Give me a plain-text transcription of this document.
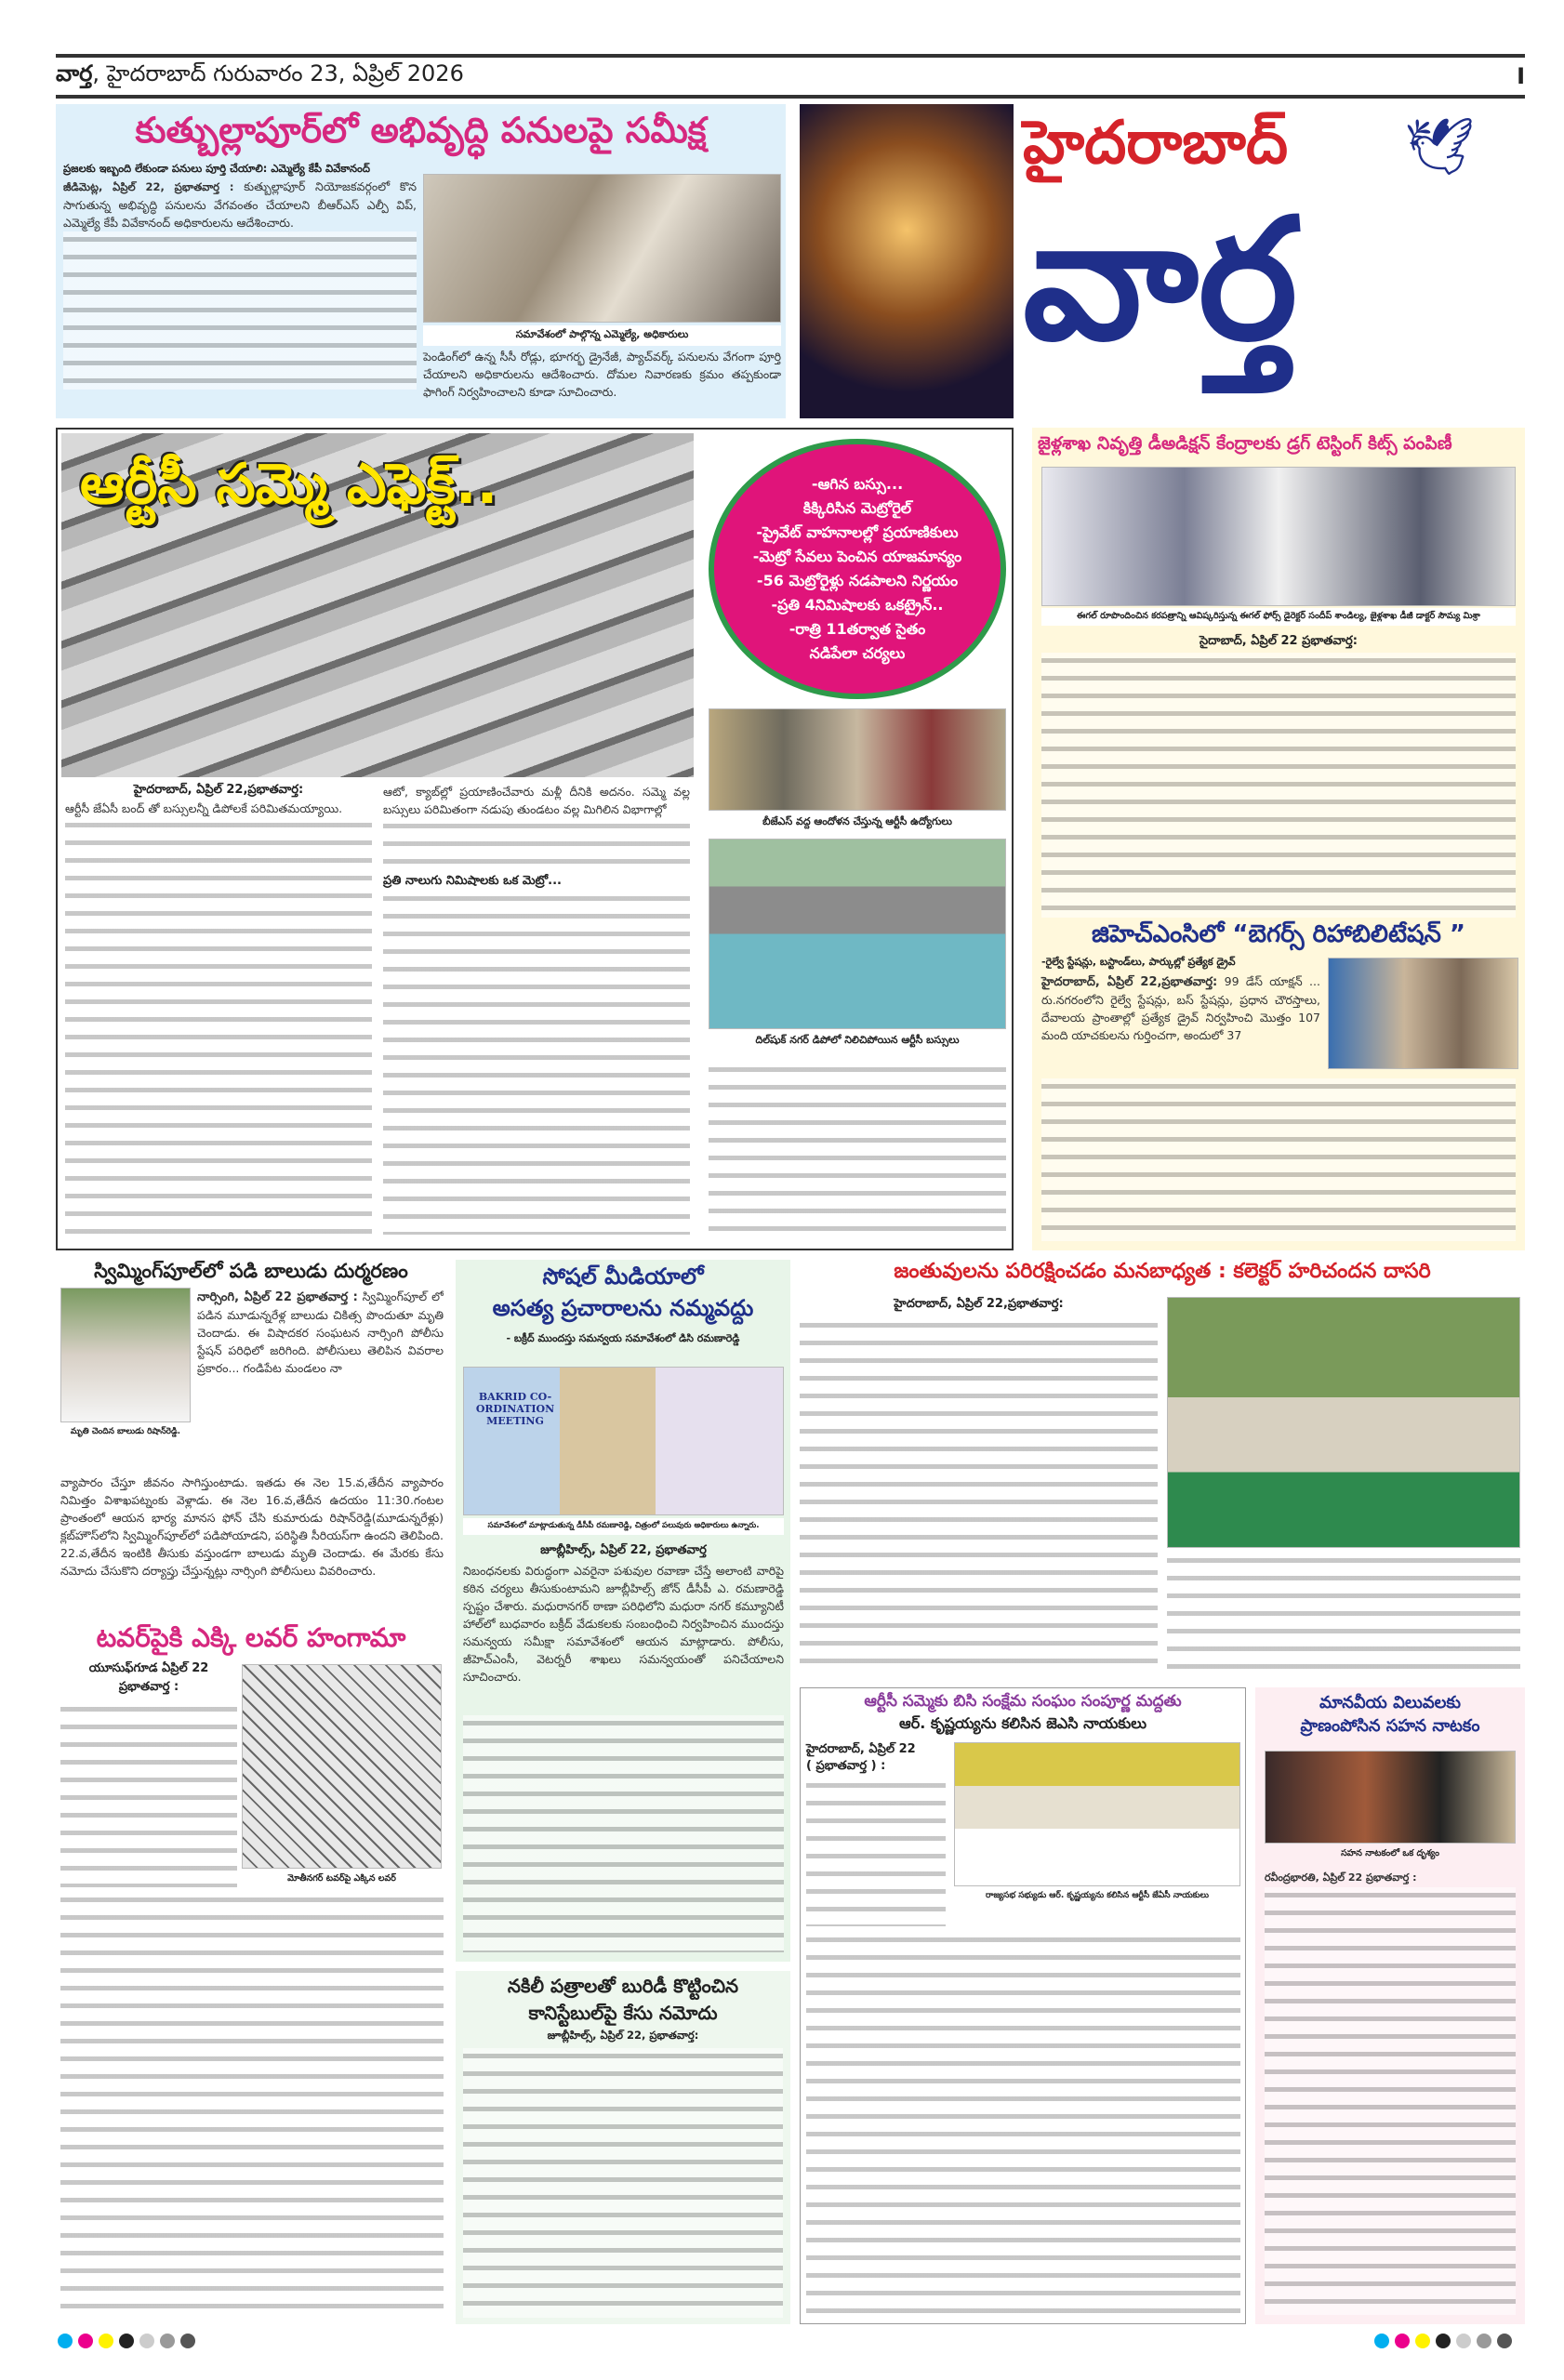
వార్త, హైదరాబాద్ గురువారం 23, ఏప్రిల్ 2026	I
కుత్బుల్లాపూర్‌లో అభివృద్ధి పనులపై సమీక్ష
ప్రజలకు ఇబ్బంది లేకుండా పనులు పూర్తి చేయాలి: ఎమ్మెల్యే కేపీ వివేకానంద్
జీడిమెట్ల, ఏప్రిల్ 22, ప్రభాతవార్త : కుత్బుల్లాపూర్ నియోజకవర్గంలో కొన సాగుతున్న అభివృద్ధి పనులను వేగవంతం చేయాలని బీఆర్ఎస్ ఎల్పీ విప్, ఎమ్మెల్యే కేపీ వివేకానంద్ అధికారులను ఆదేశించారు.
సమావేశంలో పాల్గొన్న ఎమ్మెల్యే, అధికారులు
పెండింగ్‌లో ఉన్న సీసీ రోడ్లు, భూగర్భ డ్రైనేజీ, ప్యాచ్‌వర్క్ పనులను వేగంగా పూర్తి చేయాలని అధికారులను ఆదేశించారు. దోమల నివారణకు క్రమం తప్పకుండా ఫాగింగ్ నిర్వహించాలని కూడా సూచించారు.
హైదరాబాద్ 🕊
వార్త
ఆర్టీసీ సమ్మె ఎఫెక్ట్..	-ఆగిన బస్సు...
కిక్కిరిసిన మెట్రోరైల్
-ప్రైవేట్ వాహనాలల్లో ప్రయాణికులు
-మెట్రో సేవలు పెంచిన యాజమాన్యం
-56 మెట్రోరైళ్లు నడపాలని నిర్ణయం
-ప్రతి 4నిమిషాలకు ఒకట్రైన్..
-రాత్రి 11తర్వాత సైతం
నడిపేలా చర్యలు
హైదరాబాద్, ఏప్రిల్ 22,ప్రభాతవార్త:
ఆర్టీసీ జేఏసీ బంద్ తో బస్సులన్నీ డిపోలకే పరిమితమయ్యాయి.
ఆటో, క్యాబ్‌ల్లో ప్రయాణించేవారు మళ్లీ దీనికి అదనం. సమ్మె వల్ల బస్సులు పరిమితంగా నడుపు తుండటం వల్ల మిగిలిన విభాగాల్లో
ప్రతి నాలుగు నిమిషాలకు ఒక మెట్రో...
బీజేఎస్ వద్ద ఆందోళన చేస్తున్న ఆర్టీసీ ఉద్యోగులు
దిల్‌షుక్ నగర్ డిపోలో నిలిచిపోయిన ఆర్టీసీ బస్సులు
జైళ్లశాఖ నివృత్తి డీఅడిక్షన్ కేంద్రాలకు డ్రగ్ టెస్టింగ్ కిట్స్ పంపిణీ
ఈగల్ రూపొందించిన కరపత్రాన్ని ఆవిష్కరిస్తున్న ఈగల్ ఫోర్స్ డైరెక్టర్ సందీప్ శాండిల్య, జైళ్లశాఖ డీజీ డాక్టర్ సౌమ్య మిశ్రా
సైదాబాద్, ఏప్రిల్ 22 ప్రభాతవార్త:
జిహెచ్ఎంసిలో “బెగర్స్ రిహాబిలిటేషన్ ”
-రైల్వే స్టేషన్లు, బస్టాండ్‌లు, పార్కుల్లో ప్రత్యేక డ్రైవ్
హైదరాబాద్, ఏప్రిల్ 22,ప్రభాతవార్త: 99 డేస్ యాక్షన్ ... రు.నగరంలోని రైల్వే స్టేషన్లు, బస్ స్టేషన్లు, ప్రధాన చౌరస్తాలు, దేవాలయ ప్రాంతాల్లో ప్రత్యేక డ్రైవ్ నిర్వహించి మొత్తం 107 మంది యాచకులను గుర్తించగా, అందులో 37
స్విమ్మింగ్‌పూల్‌లో పడి బాలుడు దుర్మరణం
మృతి చెందిన బాలుడు రిషాన్‌రెడ్డి.
నార్సింగి, ఏప్రిల్ 22 ప్రభాతవార్త : స్విమ్మింగ్‌పూల్ లో పడిన మూడున్నరేళ్ల బాలుడు చికిత్స పొందుతూ మృతి చెందాడు. ఈ విషాదకర సంఘటన నార్సింగి పోలీసు స్టేషన్ పరిధిలో జరిగింది. పోలీసులు తెలిపిన వివరాల ప్రకారం... గండిపేట మండలం నా
వ్యాపారం చేస్తూ జీవనం సాగిస్తుంటాడు. ఇతడు ఈ నెల 15.వ,తేదీన వ్యాపారం నిమిత్తం విశాఖపట్నంకు వెళ్లాడు. ఈ నెల 16.వ,తేదీన ఉదయం 11:30.గంటల ప్రాంతంలో ఆయన భార్య మానస ఫోన్ చేసి కుమారుడు రిషాన్‌రెడ్డి(మూడున్నరేళ్లు) క్లబ్‌హౌస్‌లోని స్విమ్మింగ్‌పూల్‌లో పడిపోయాడని, పరిస్థితి సీరియస్‌గా ఉందని తెలిపింది. 22.వ,తేదీన ఇంటికి తీసుకు వస్తుండగా బాలుడు మృతి చెందాడు. ఈ మేరకు కేసు నమోదు చేసుకొని దర్యాప్తు చేస్తున్నట్లు నార్సింగి పోలీసులు వివరించారు.
టవర్‌పైకి ఎక్కి లవర్ హంగామా
యూసుఫ్‌గూడ ఏప్రిల్ 22
ప్రభాతవార్త :
మోతీనగర్ టవర్‌పై ఎక్కిన లవర్
సోషల్ మీడియాలో
అసత్య ప్రచారాలను నమ్మవద్దు
- బక్రీద్ ముందస్తు సమన్వయ సమావేశంలో డిసి రమణారెడ్డి
BAKRID CO-ORDINATION MEETING
సమావేశంలో మాట్లాడుతున్న డీసీపీ రమణారెడ్డి, చిత్రంలో పలువురు అధికారులు ఉన్నారు.
జూబ్లీహిల్స్, ఏప్రిల్ 22, ప్రభాతవార్త
నిబంధనలకు విరుద్ధంగా ఎవరైనా పశువుల రవాణా చేస్తే అలాంటి వారిపై కఠిన చర్యలు తీసుకుంటామని జూబ్లీహిల్స్ జోన్ డీసీపీ ఎ. రమణారెడ్డి స్పష్టం చేశారు. మధురానగర్ ఠాణా పరిధిలోని మధురా నగర్ కమ్యూనిటీ హాల్‌లో బుధవారం బక్రీద్ వేడుకలకు సంబంధించి నిర్వహించిన ముందస్తు సమన్వయ సమీక్షా సమావేశంలో ఆయన మాట్లాడారు. పోలీసు, జీహెచ్ఎంసీ, వెటర్నరీ శాఖలు సమన్వయంతో పనిచేయాలని సూచించారు.
నకిలీ పత్రాలతో బురిడీ కొట్టించిన
కానిస్టేబుల్‌పై కేసు నమోదు
జూబ్లీహిల్స్, ఏప్రిల్ 22, ప్రభాతవార్త:
జంతువులను పరిరక్షించడం మనబాధ్యత : కలెక్టర్ హరిచందన దాసరి
హైదరాబాద్, ఏప్రిల్ 22,ప్రభాతవార్త:
ఆర్టీసీ సమ్మెకు బిసి సంక్షేమ సంఘం సంపూర్ణ మద్దతు
ఆర్. కృష్ణయ్యను కలిసిన జెఎసి నాయకులు
హైదరాబాద్, ఏప్రిల్ 22
( ప్రభాతవార్త ) :
రాజ్యసభ సభ్యుడు ఆర్. కృష్ణయ్యను కలిసిన ఆర్టీసీ జేఏసీ నాయకులు
మానవీయ విలువలకు
ప్రాణంపోసిన సహన నాటకం
సహన నాటకంలో ఒక దృశ్యం
రవీంద్రభారతి, ఏప్రిల్ 22 ప్రభాతవార్త :
